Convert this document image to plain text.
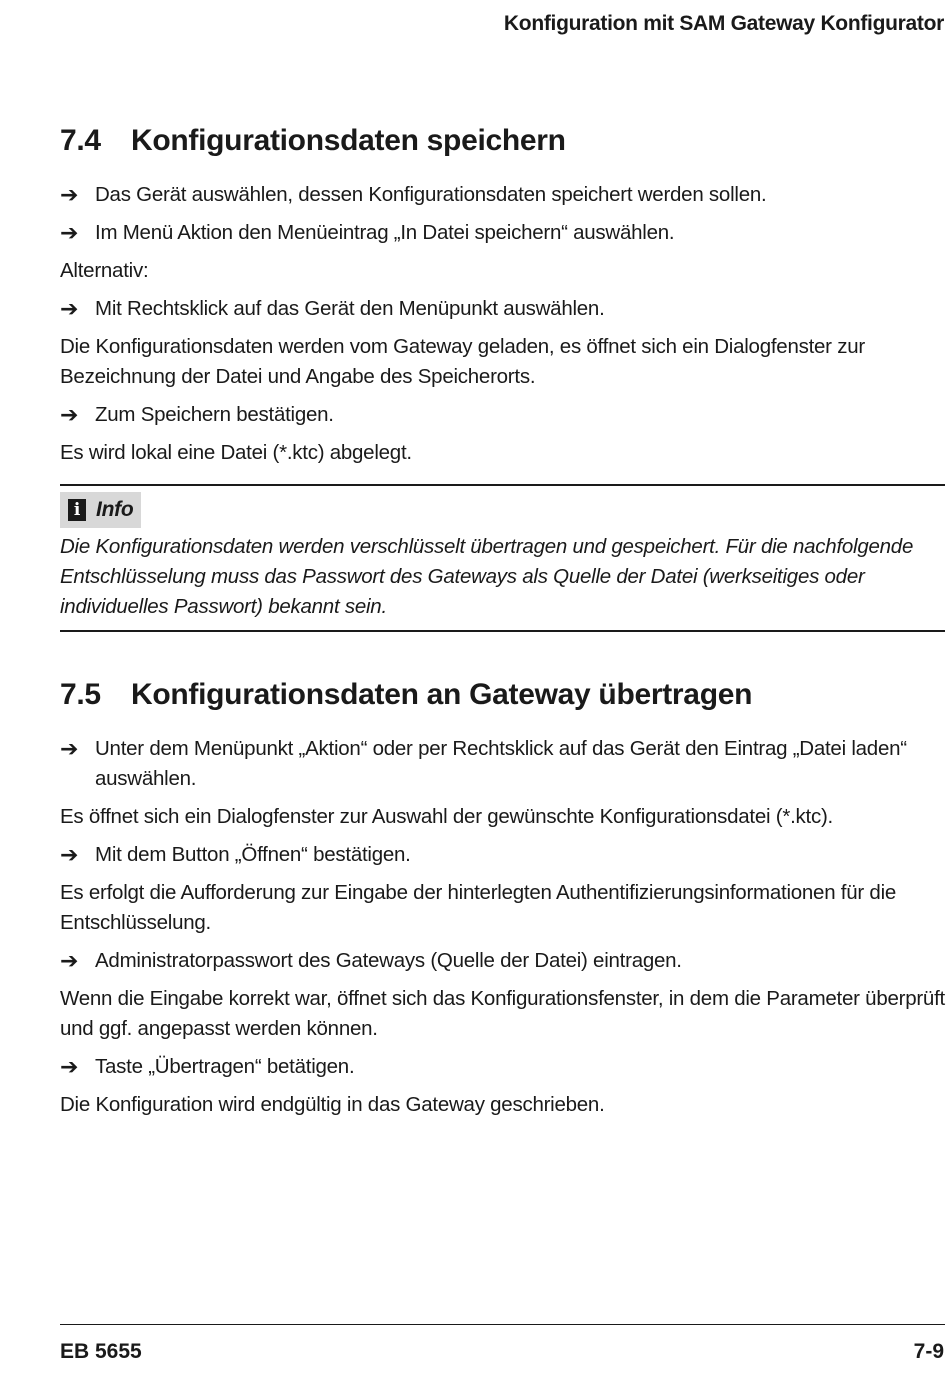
Konfiguration mit SAM Gateway Konfigurator
7.4 Konfigurationsdaten speichern
➔ Das Gerät auswählen, dessen Konfigurationsdaten speichert werden sollen.
➔ Im Menü Aktion den Menüeintrag „In Datei speichern“ auswählen.

Alternativ:

➔ Mit Rechtsklick auf das Gerät den Menüpunkt auswählen.

Die Konfigurationsdaten werden vom Gateway geladen, es öffnet sich ein Dialogfenster zur Bezeichnung der Datei und Angabe des Speicherorts.

➔ Zum Speichern bestätigen.

Es wird lokal eine Datei (*.ktc) abgelegt.

i Info

Die Konfigurationsdaten werden verschlüsselt übertragen und gespeichert. Für die nachfolgende Entschlüsselung muss das Passwort des Gateways als Quelle der Datei (werkseitiges oder individuelles Passwort) bekannt sein.

7.5 Konfigurationsdaten an Gateway übertragen
➔ Unter dem Menüpunkt „Aktion“ oder per Rechtsklick auf das Gerät den Eintrag „Datei laden“ auswählen.

Es öffnet sich ein Dialogfenster zur Auswahl der gewünschte Konfigurationsdatei (*.ktc).

➔ Mit dem Button „Öffnen“ bestätigen.

Es erfolgt die Aufforderung zur Eingabe der hinterlegten Authentifizierungsinformationen für die Entschlüsselung.

➔ Administratorpasswort des Gateways (Quelle der Datei) eintragen.

Wenn die Eingabe korrekt war, öffnet sich das Konfigurationsfenster, in dem die Parameter überprüft und ggf. angepasst werden können.

➔ Taste „Übertragen“ betätigen.

Die Konfiguration wird endgültig in das Gateway geschrieben.

EB 5655	7-9
